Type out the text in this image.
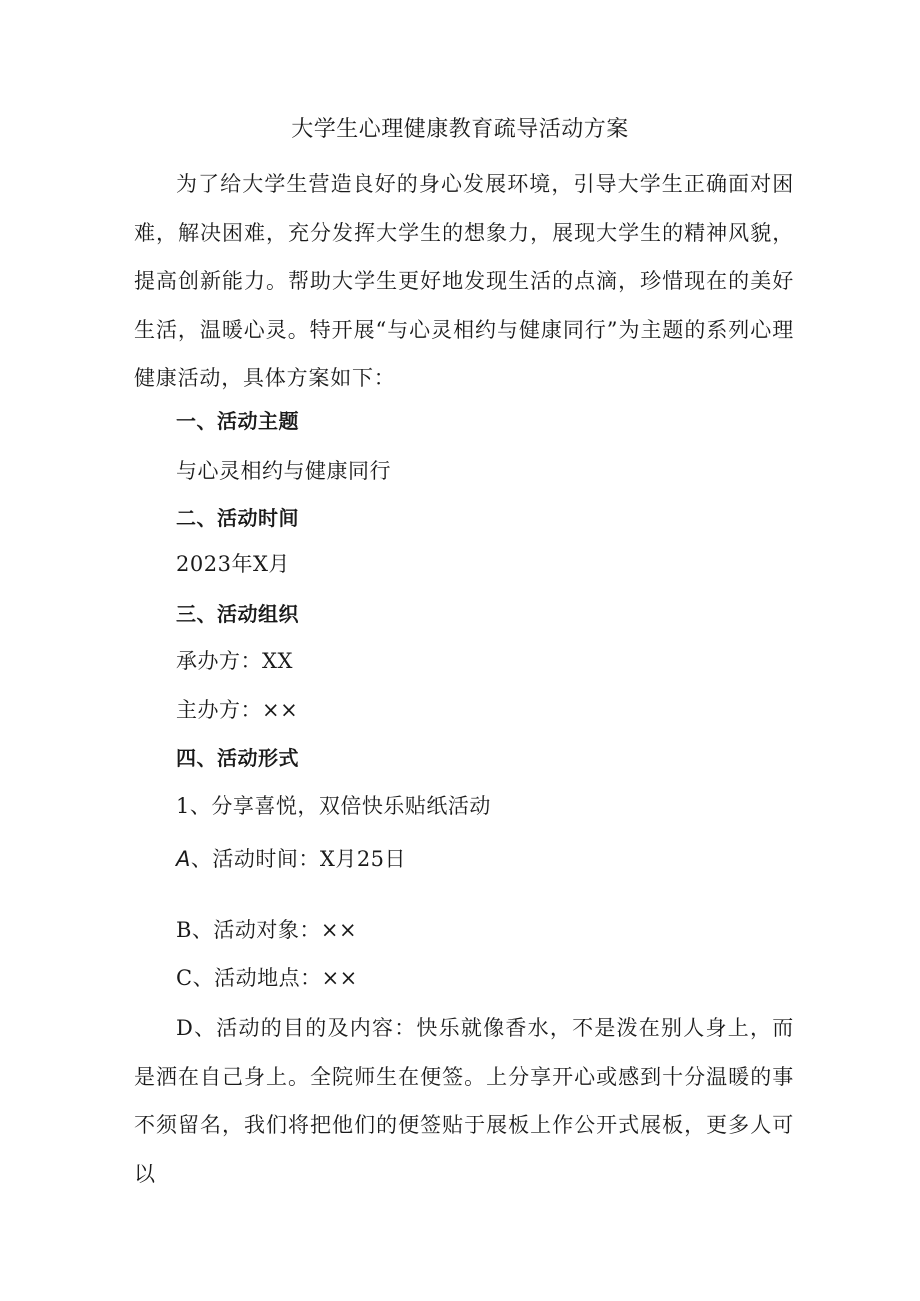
大学生心理健康教育疏导活动方案
为了给大学生营造良好的身心发展环境，引导大学生正确面对困难，解决困难，充分发挥大学生的想象力，展现大学生的精神风貌，提高创新能力。帮助大学生更好地发现生活的点滴，珍惜现在的美好生活，温暖心灵。特开展“与心灵相约与健康同行”为主题的系列心理健康活动，具体方案如下：
一、活动主题
与心灵相约与健康同行
二、活动时间
2023年X月
三、活动组织
承办方：XX
主办方：××
四、活动形式
1、分享喜悦，双倍快乐贴纸活动
A、活动时间：X月25日
B、活动对象：××
C、活动地点：××
D、活动的目的及内容：快乐就像香水，不是泼在别人身上，而是洒在自己身上。全院师生在便签。上分享开心或感到十分温暖的事不须留名，我们将把他们的便签贴于展板上作公开式展板，更多人可以
